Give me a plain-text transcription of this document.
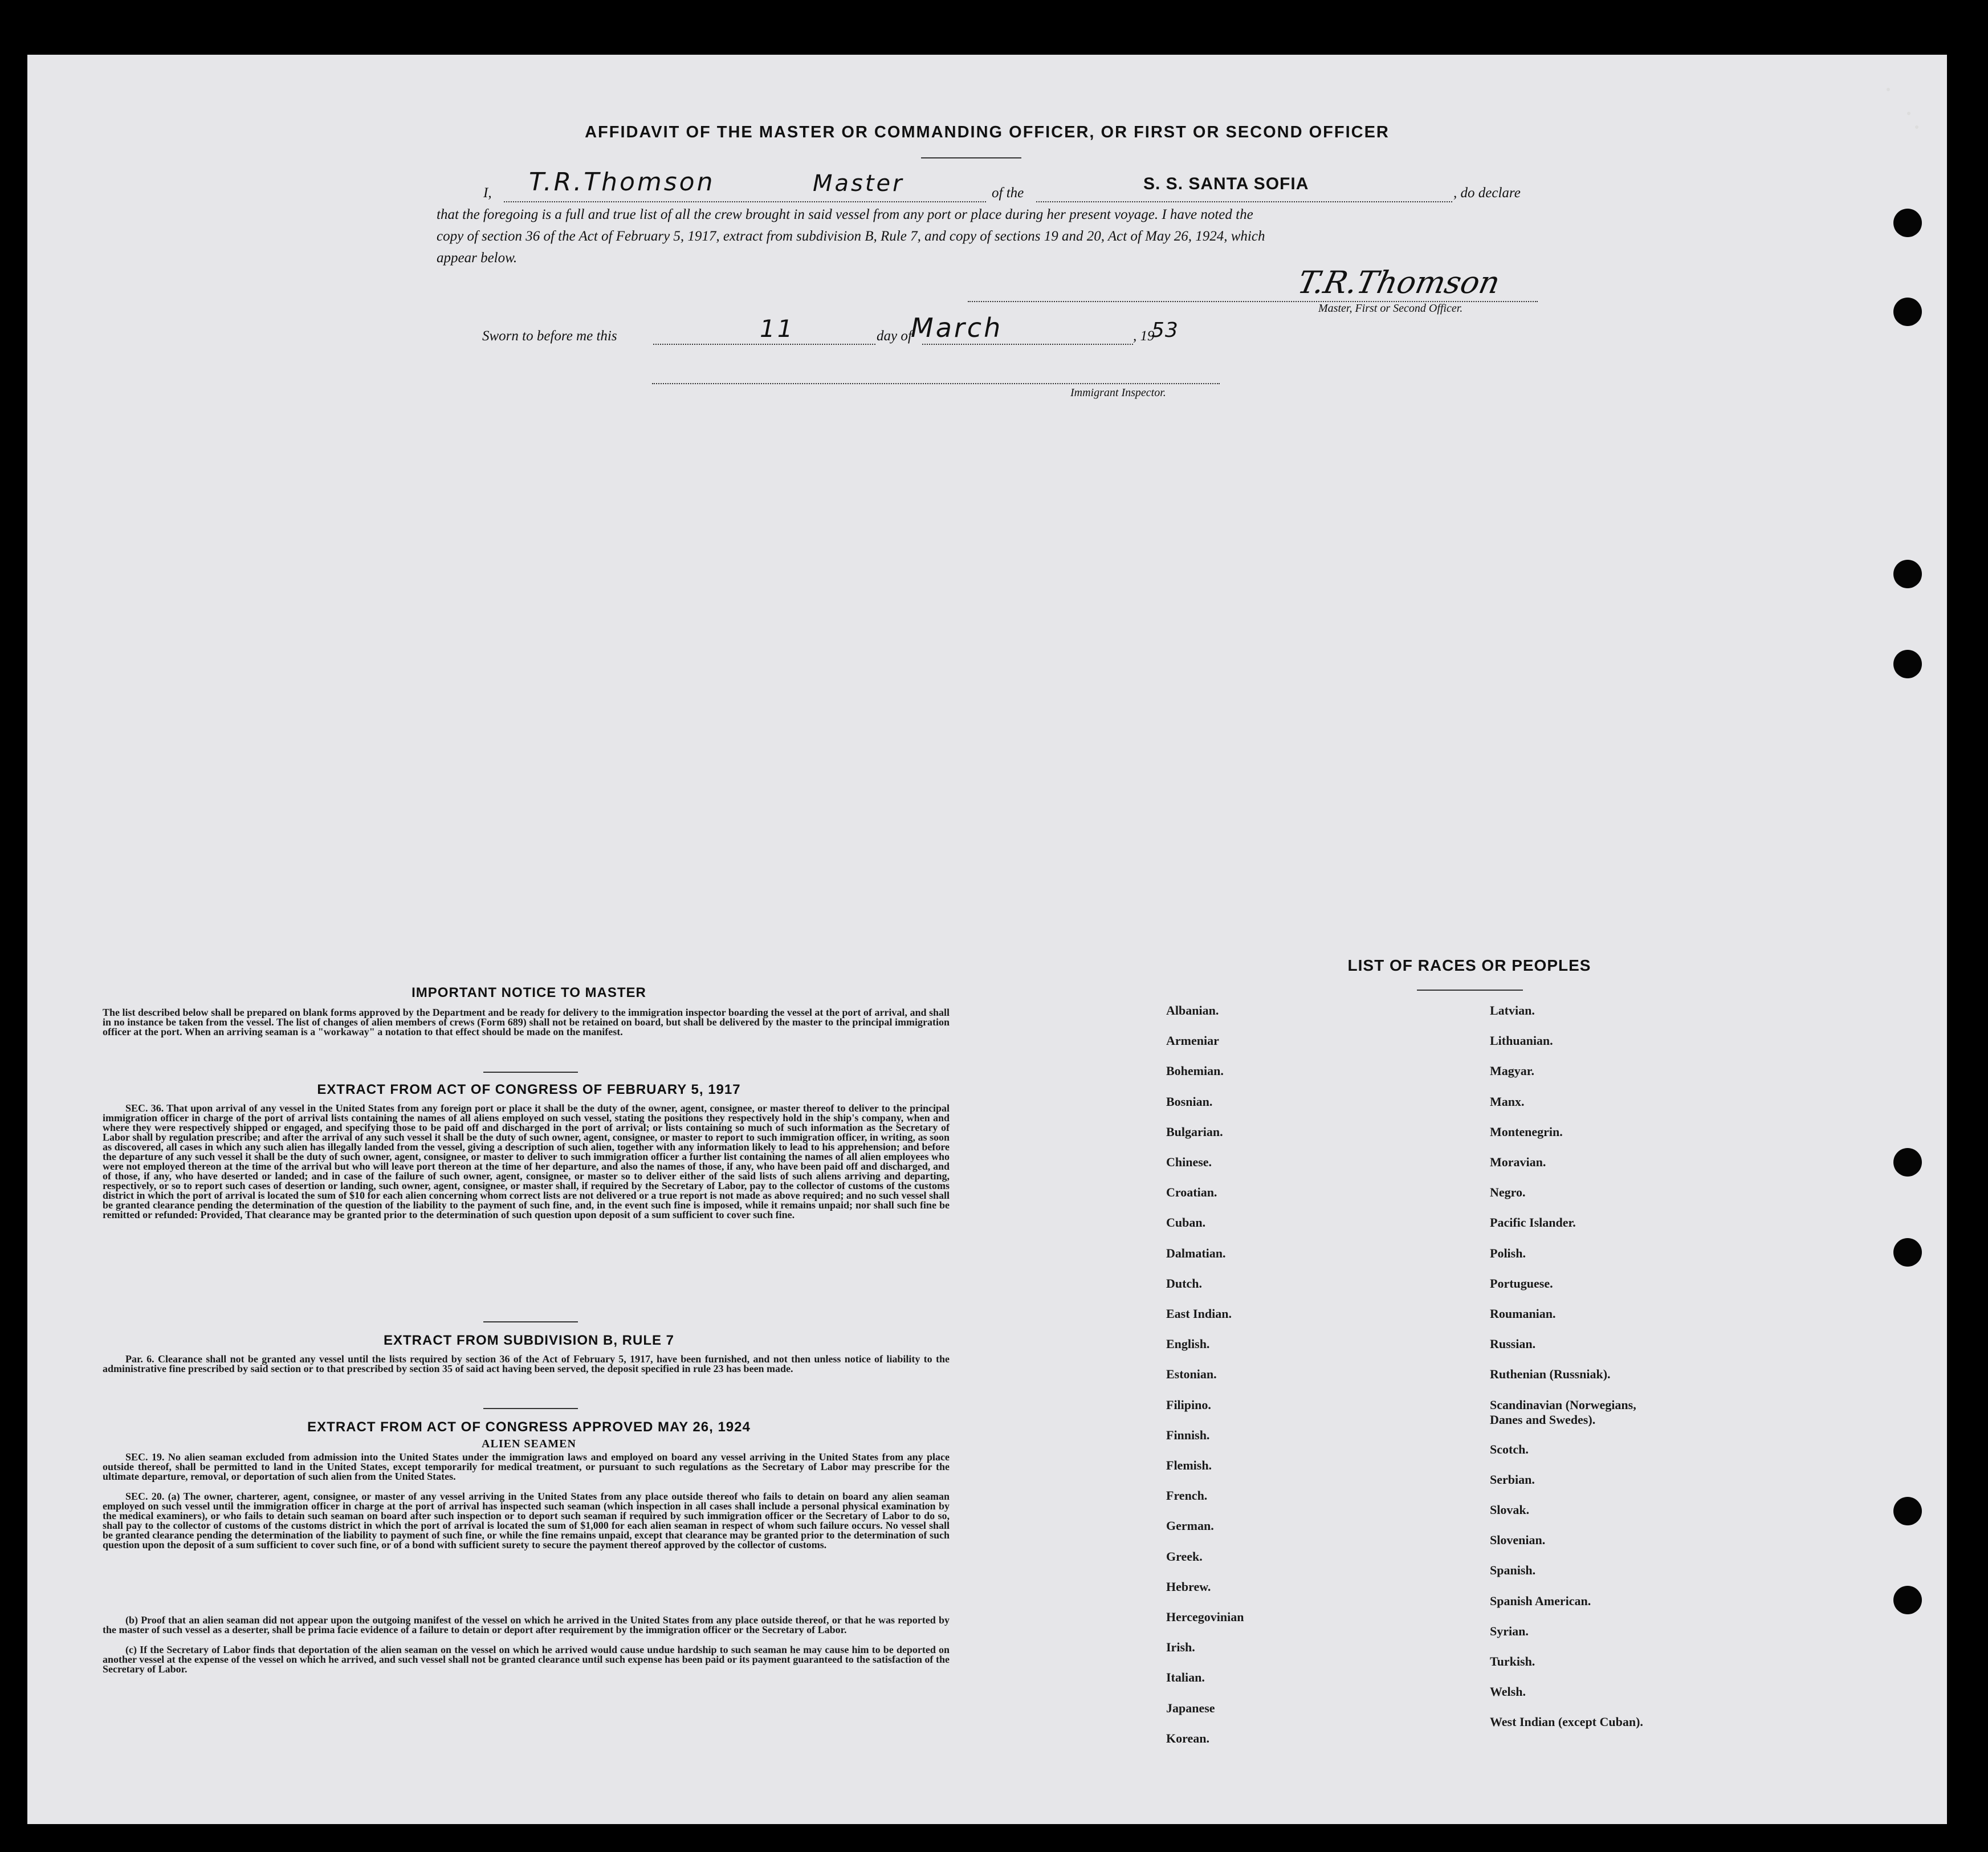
AFFIDAVIT OF THE MASTER OR COMMANDING OFFICER, OR FIRST OR SECOND OFFICER
I, T.R.Thomson	Master	of the	S. S. SANTA SOFIA	, do declare
that the foregoing is a full and true list of all the crew brought in said vessel from any port or place during her present voyage. I have noted the
copy of section 36 of the Act of February 5, 1917, extract from subdivision B, Rule 7, and copy of sections 19 and 20, Act of May 26, 1924, which
appear below.
T.R.Thomson
Master, First or Second Officer.
Sworn to before me this	11	day of
March	, 19
53
Immigrant Inspector.
IMPORTANT NOTICE TO MASTER

The list described below shall be prepared on blank forms approved by the Department and be ready for delivery to the immigration inspector boarding the vessel at the port of arrival, and shall in no instance be taken from the vessel. The list of changes of alien members of crews (Form 689) shall not be retained on board, but shall be delivered by the master to the principal immigration officer at the port. When an arriving seaman is a "workaway" a notation to that effect should be made on the manifest.

EXTRACT FROM ACT OF CONGRESS OF FEBRUARY 5, 1917

SEC. 36. That upon arrival of any vessel in the United States from any foreign port or place it shall be the duty of the owner, agent, consignee, or master thereof to deliver to the principal immigration officer in charge of the port of arrival lists containing the names of all aliens employed on such vessel, stating the positions they respectively hold in the ship's company, when and where they were respectively shipped or engaged, and specifying those to be paid off and discharged in the port of arrival; or lists containing so much of such information as the Secretary of Labor shall by regulation prescribe; and after the arrival of any such vessel it shall be the duty of such owner, agent, consignee, or master to report to such immigration officer, in writing, as soon as discovered, all cases in which any such alien has illegally landed from the vessel, giving a description of such alien, together with any information likely to lead to his apprehension; and before the departure of any such vessel it shall be the duty of such owner, agent, consignee, or master to deliver to such immigration officer a further list containing the names of all alien employees who were not employed thereon at the time of the arrival but who will leave port thereon at the time of her departure, and also the names of those, if any, who have been paid off and discharged, and of those, if any, who have deserted or landed; and in case of the failure of such owner, agent, consignee, or master so to deliver either of the said lists of such aliens arriving and departing, respectively, or so to report such cases of desertion or landing, such owner, agent, consignee, or master shall, if required by the Secretary of Labor, pay to the collector of customs of the customs district in which the port of arrival is located the sum of $10 for each alien concerning whom correct lists are not delivered or a true report is not made as above required; and no such vessel shall be granted clearance pending the determination of the question of the liability to the payment of such fine, and, in the event such fine is imposed, while it remains unpaid; nor shall such fine be remitted or refunded: Provided, That clearance may be granted prior to the determination of such question upon deposit of a sum sufficient to cover such fine.

EXTRACT FROM SUBDIVISION B, RULE 7

Par. 6. Clearance shall not be granted any vessel until the lists required by section 36 of the Act of February 5, 1917, have been furnished, and not then unless notice of liability to the administrative fine prescribed by said section or to that prescribed by section 35 of said act having been served, the deposit specified in rule 23 has been made.

EXTRACT FROM ACT OF CONGRESS APPROVED MAY 26, 1924
ALIEN SEAMEN

SEC. 19. No alien seaman excluded from admission into the United States under the immigration laws and employed on board any vessel arriving in the United States from any place outside thereof, shall be permitted to land in the United States, except temporarily for medical treatment, or pursuant to such regulations as the Secretary of Labor may prescribe for the ultimate departure, removal, or deportation of such alien from the United States.

SEC. 20. (a) The owner, charterer, agent, consignee, or master of any vessel arriving in the United States from any place outside thereof who fails to detain on board any alien seaman employed on such vessel until the immigration officer in charge at the port of arrival has inspected such seaman (which inspection in all cases shall include a personal physical examination by the medical examiners), or who fails to detain such seaman on board after such inspection or to deport such seaman if required by such immigration officer or the Secretary of Labor to do so, shall pay to the collector of customs of the customs district in which the port of arrival is located the sum of $1,000 for each alien seaman in respect of whom such failure occurs. No vessel shall be granted clearance pending the determination of the liability to payment of such fine, or while the fine remains unpaid, except that clearance may be granted prior to the determination of such question upon the deposit of a sum sufficient to cover such fine, or of a bond with sufficient surety to secure the payment thereof approved by the collector of customs.

(b) Proof that an alien seaman did not appear upon the outgoing manifest of the vessel on which he arrived in the United States from any place outside thereof, or that he was reported by the master of such vessel as a deserter, shall be prima facie evidence of a failure to detain or deport after requirement by the immigration officer or the Secretary of Labor.

(c) If the Secretary of Labor finds that deportation of the alien seaman on the vessel on which he arrived would cause undue hardship to such seaman he may cause him to be deported on another vessel at the expense of the vessel on which he arrived, and such vessel shall not be granted clearance until such expense has been paid or its payment guaranteed to the satisfaction of the Secretary of Labor.

LIST OF RACES OR PEOPLES
Albanian.
Armeniar
Bohemian.
Bosnian.
Bulgarian.
Chinese.
Croatian.
Cuban.
Dalmatian.
Dutch.
East Indian.
English.
Estonian.
Filipino.
Finnish.
Flemish.
French.
German.
Greek.
Hebrew.
Hercegovinian
Irish.
Italian.
Japanese
Korean.
Latvian.
Lithuanian.
Magyar.
Manx.
Montenegrin.
Moravian.
Negro.
Pacific Islander.
Polish.
Portuguese.
Roumanian.
Russian.
Ruthenian (Russniak).
Scandinavian (Norwegians,
Danes and Swedes).
Scotch.
Serbian.
Slovak.
Slovenian.
Spanish.
Spanish American.
Syrian.
Turkish.
Welsh.
West Indian (except Cuban).
